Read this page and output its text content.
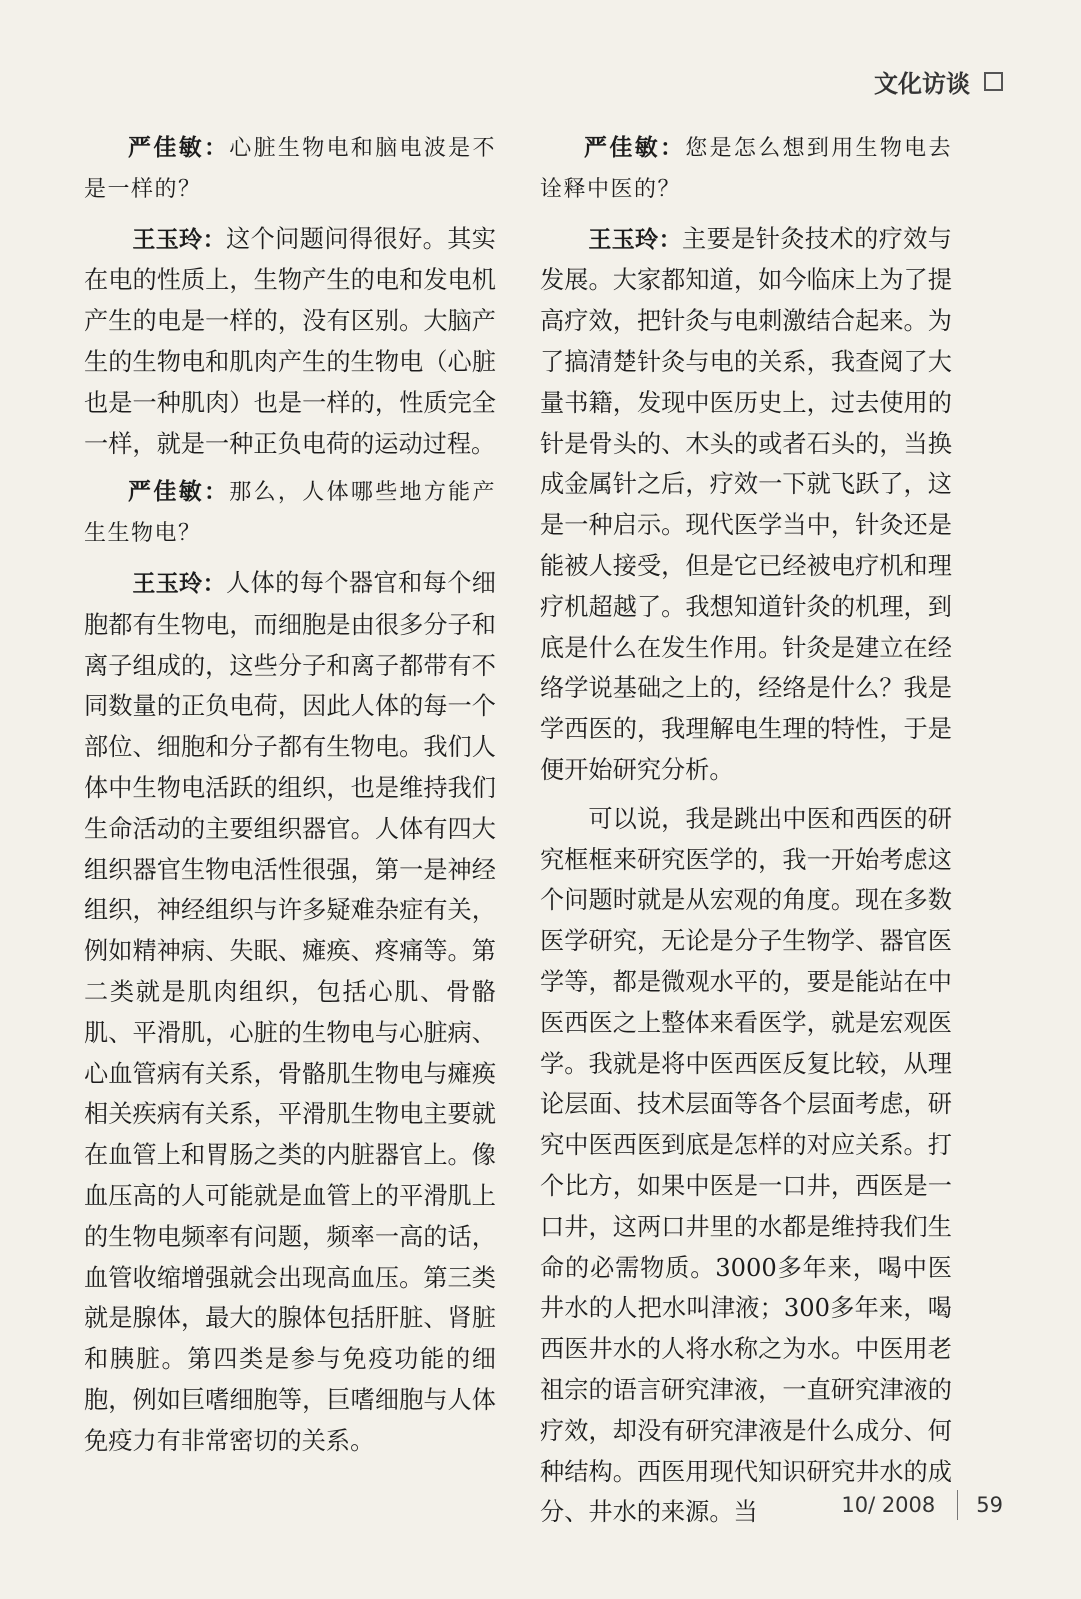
文化访谈

严佳敏：心脏生物电和脑电波是不是一样的？

王玉玲：这个问题问得很好。其实在电的性质上，生物产生的电和发电机产生的电是一样的，没有区别。大脑产生的生物电和肌肉产生的生物电（心脏也是一种肌肉）也是一样的，性质完全一样，就是一种正负电荷的运动过程。

严佳敏：那么，人体哪些地方能产生生物电？

王玉玲：人体的每个器官和每个细胞都有生物电，而细胞是由很多分子和离子组成的，这些分子和离子都带有不同数量的正负电荷，因此人体的每一个部位、细胞和分子都有生物电。我们人体中生物电活跃的组织，也是维持我们生命活动的主要组织器官。人体有四大组织器官生物电活性很强，第一是神经组织，神经组织与许多疑难杂症有关，例如精神病、失眠、瘫痪、疼痛等。第二类就是肌肉组织，包括心肌、骨骼肌、平滑肌，心脏的生物电与心脏病、心血管病有关系，骨骼肌生物电与瘫痪相关疾病有关系，平滑肌生物电主要就在血管上和胃肠之类的内脏器官上。像血压高的人可能就是血管上的平滑肌上的生物电频率有问题，频率一高的话，血管收缩增强就会出现高血压。第三类就是腺体，最大的腺体包括肝脏、肾脏和胰脏。第四类是参与免疫功能的细胞，例如巨嗜细胞等，巨嗜细胞与人体免疫力有非常密切的关系。

严佳敏：您是怎么想到用生物电去诠释中医的？

王玉玲：主要是针灸技术的疗效与发展。大家都知道，如今临床上为了提高疗效，把针灸与电刺激结合起来。为了搞清楚针灸与电的关系，我查阅了大量书籍，发现中医历史上，过去使用的针是骨头的、木头的或者石头的，当换成金属针之后，疗效一下就飞跃了，这是一种启示。现代医学当中，针灸还是能被人接受，但是它已经被电疗机和理疗机超越了。我想知道针灸的机理，到底是什么在发生作用。针灸是建立在经络学说基础之上的，经络是什么？我是学西医的，我理解电生理的特性，于是便开始研究分析。

可以说，我是跳出中医和西医的研究框框来研究医学的，我一开始考虑这个问题时就是从宏观的角度。现在多数医学研究，无论是分子生物学、器官医学等，都是微观水平的，要是能站在中医西医之上整体来看医学，就是宏观医学。我就是将中医西医反复比较，从理论层面、技术层面等各个层面考虑，研究中医西医到底是怎样的对应关系。打个比方，如果中医是一口井，西医是一口井，这两口井里的水都是维持我们生命的必需物质。3000多年来，喝中医井水的人把水叫津液；300多年来，喝西医井水的人将水称之为水。中医用老祖宗的语言研究津液，一直研究津液的疗效，却没有研究津液是什么成分、何种结构。西医用现代知识研究井水的成分、井水的来源。当	10/ 2008 59
